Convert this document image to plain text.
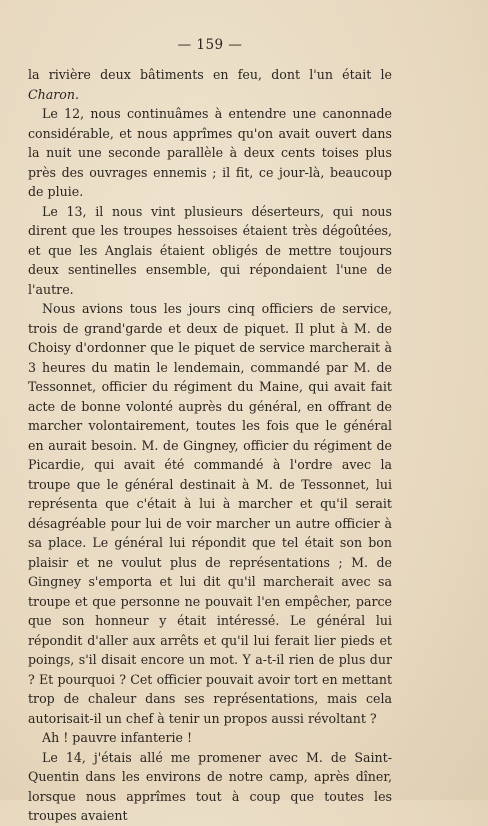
— 159 —

la rivière deux bâtiments en feu, dont l'un était le Charon.

Le 12, nous continuâmes à entendre une canonnade considérable, et nous apprîmes qu'on avait ouvert dans la nuit une seconde parallèle à deux cents toises plus près des ouvrages ennemis ; il fit, ce jour-là, beaucoup de pluie.

Le 13, il nous vint plusieurs déserteurs, qui nous dirent que les troupes hessoises étaient très dégoûtées, et que les Anglais étaient obligés de mettre toujours deux sentinelles ensemble, qui répondaient l'une de l'autre.

Nous avions tous les jours cinq officiers de service, trois de grand'garde et deux de piquet. Il plut à M. de Choisy d'ordonner que le piquet de service marcherait à 3 heures du matin le lendemain, commandé par M. de Tessonnet, officier du régiment du Maine, qui avait fait acte de bonne volonté auprès du général, en offrant de marcher volontairement, toutes les fois que le général en aurait besoin. M. de Gingney, officier du régiment de Picardie, qui avait été commandé à l'ordre avec la troupe que le général destinait à M. de Tessonnet, lui représenta que c'était à lui à marcher et qu'il serait désagréable pour lui de voir marcher un autre officier à sa place. Le général lui répondit que tel était son bon plaisir et ne voulut plus de représentations ; M. de Gingney s'emporta et lui dit qu'il marcherait avec sa troupe et que personne ne pouvait l'en empêcher, parce que son honneur y était intéressé. Le général lui répondit d'aller aux arrêts et qu'il lui ferait lier pieds et poings, s'il disait encore un mot. Y a-t-il rien de plus dur ? Et pourquoi ? Cet officier pouvait avoir tort en mettant trop de chaleur dans ses représentations, mais cela autorisait-il un chef à tenir un propos aussi révoltant ?

Ah ! pauvre infanterie !

Le 14, j'étais allé me promener avec M. de Saint-Quentin dans les environs de notre camp, après dîner, lorsque nous apprîmes tout à coup que toutes les troupes avaient
